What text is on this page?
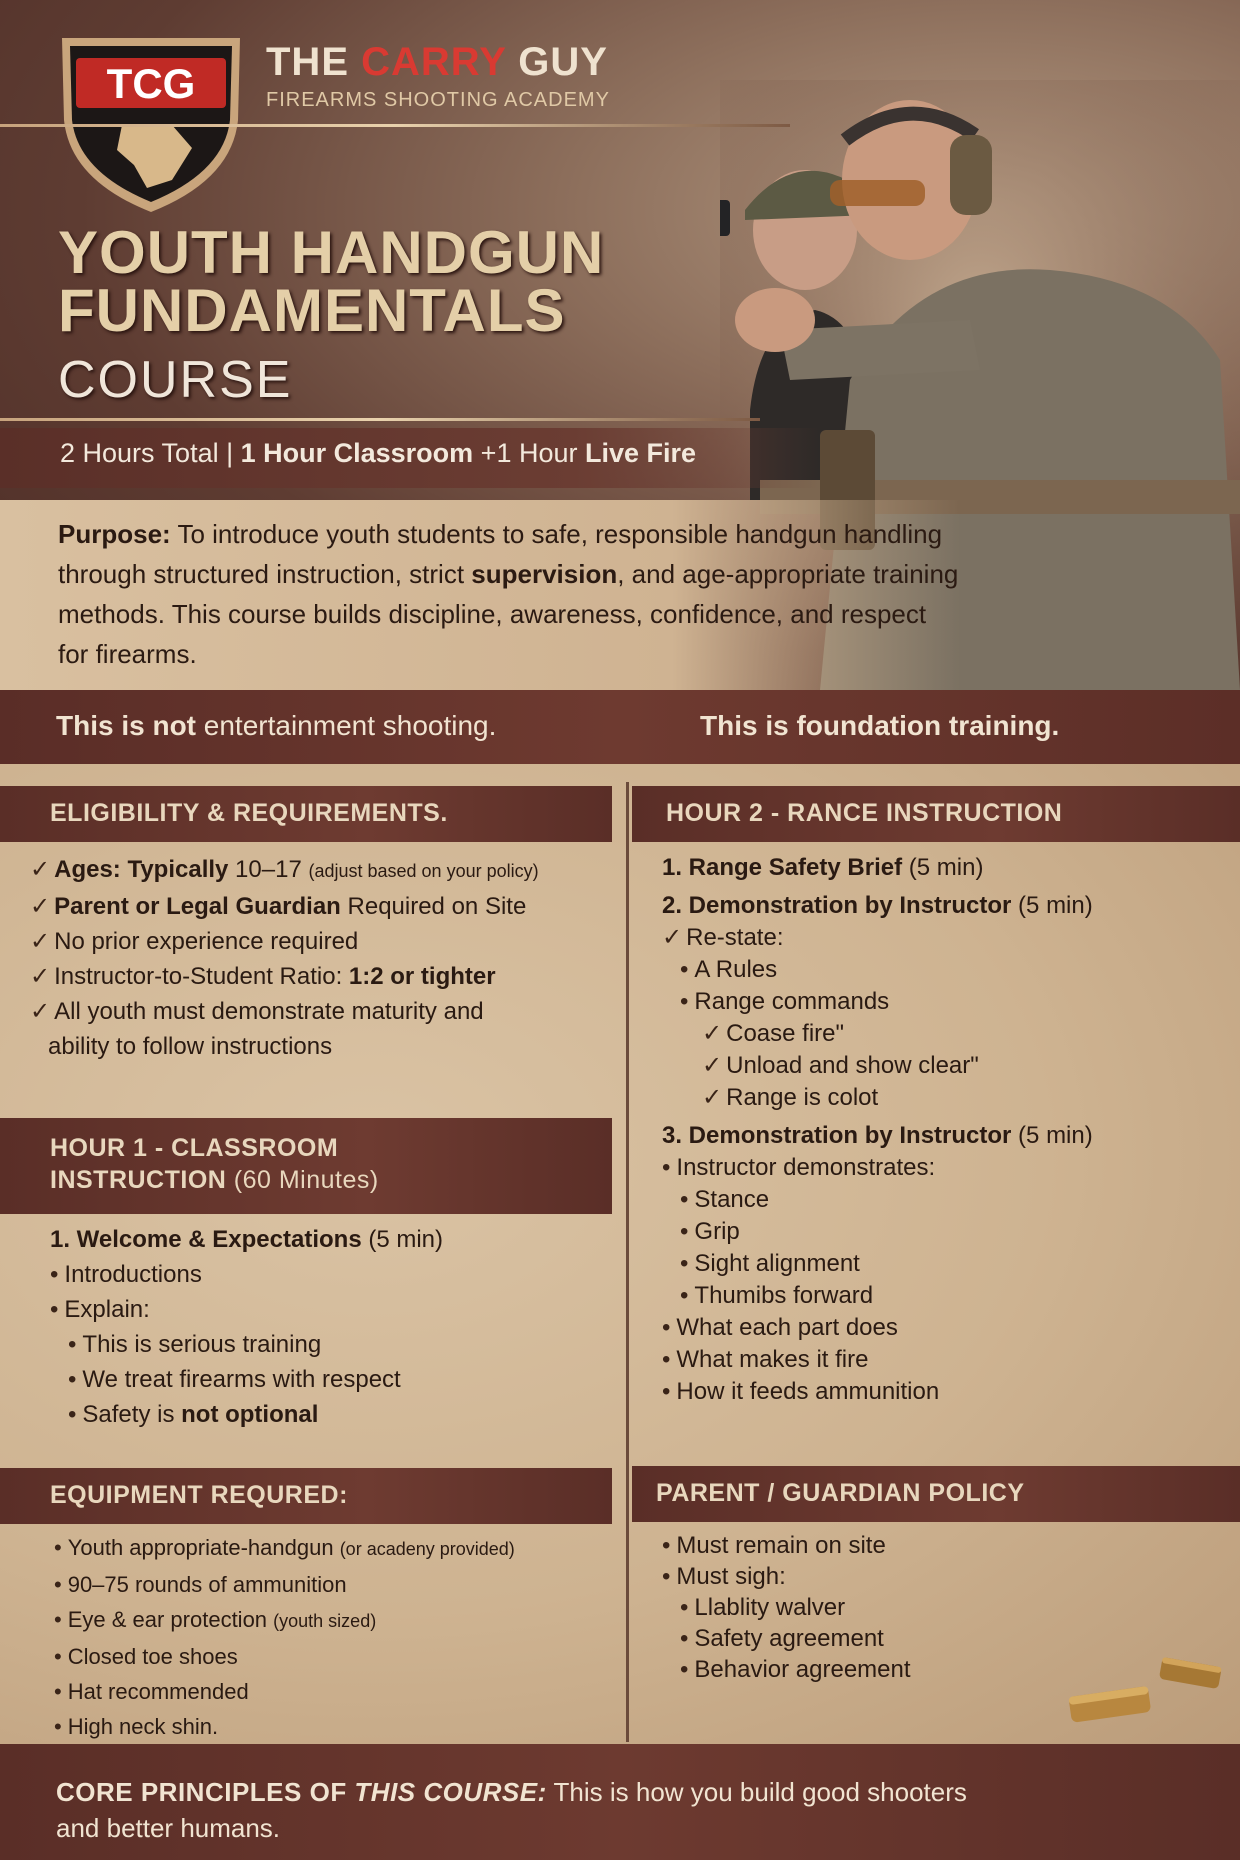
TCG THE CARRY GUY
FIREARMS SHOOTING ACADEMY
YOUTH HANDGUN
FUNDAMENTALS
COURSE
2 Hours Total | 1 Hour Classroom +1 Hour Live Fire
Purpose: To introduce youth students to safe, responsible handgun handling through structured instruction, strict supervision, and age-appropriate training methods. This course builds discipline, awareness, confidence, and respect for firearms.
This is not entertainment shooting.	This is foundation training.
ELIGIBILITY & REQUIREMENTS.
✓ Ages: Typically 10–17 (adjust based on your policy)
✓ Parent or Legal Guardian Required on Site
✓ No prior experience required
✓ Instructor-to-Student Ratio: 1:2 or tighter
✓ All youth must demonstrate maturity and
ability to follow instructions
HOUR 1 - CLASSROOM
INSTRUCTION (60 Minutes)
1. Welcome & Expectations (5 min)
• Introductions
• Explain:
• This is serious training
• We treat firearms with respect
• Safety is not optional
EQUIPMENT REQURED:
• Youth appropriate-handgun (or acadeny provided)
• 90–75 rounds of ammunition
• Eye & ear protection (youth sized)
• Closed toe shoes
• Hat recommended
• High neck shin.
HOUR 2 - RANCE INSTRUCTION
1. Range Safety Brief (5 min)
2. Demonstration by Instructor (5 min)
✓ Re-state:
• A Rules
• Range commands
✓ Coase fire"
✓ Unload and show clear"
✓ Range is colot
3. Demonstration by Instructor (5 min)
• Instructor demonstrates:
• Stance
• Grip
• Sight alignment
• Thumibs forward
• What each part does
• What makes it fire
• How it feeds ammunition
PARENT / GUARDIAN POLICY
• Must remain on site
• Must sigh:
• Llablity walver
• Safety agreement
• Behavior agreement
CORE PRINCIPLES OF THIS COURSE: This is how you build good shooters
and better humans.
